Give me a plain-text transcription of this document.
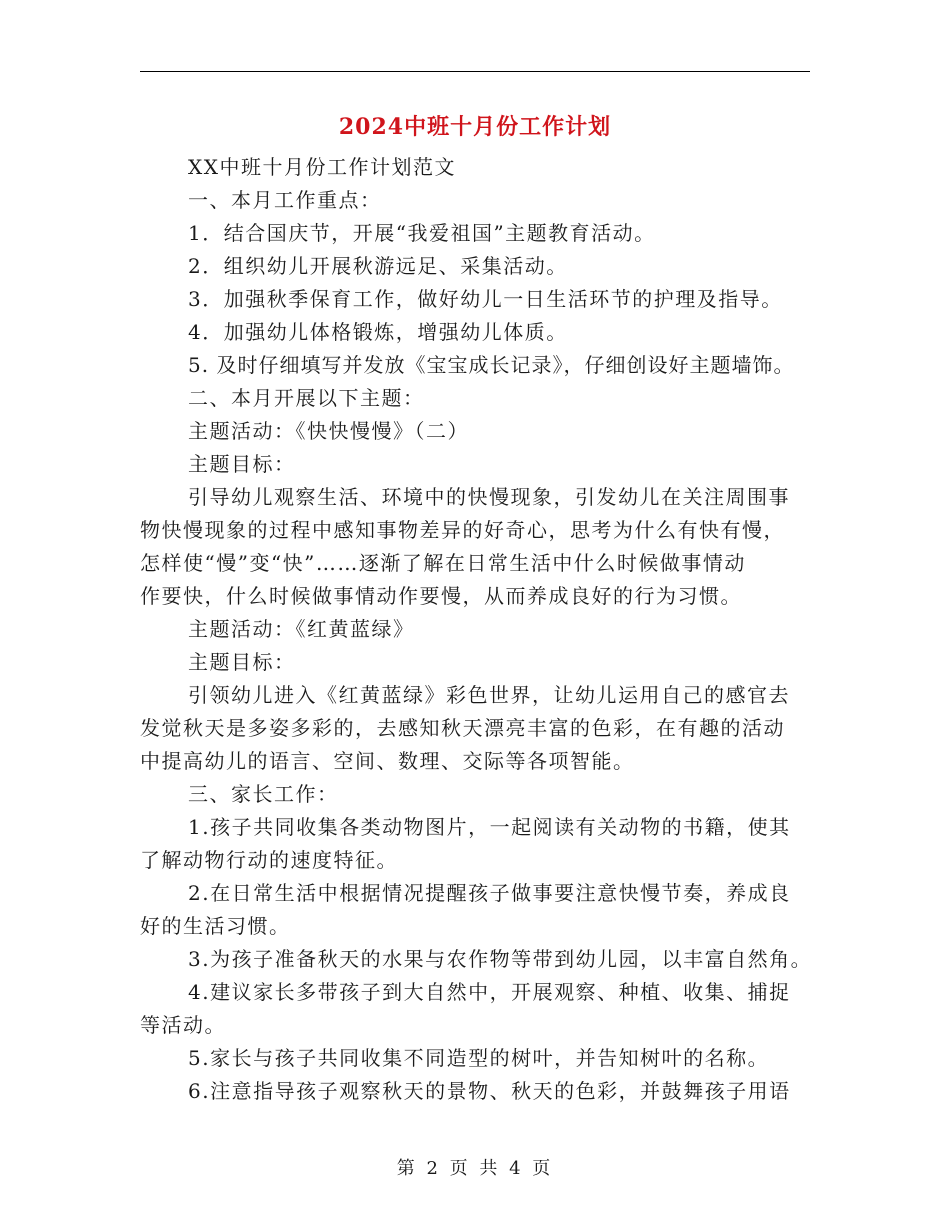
2024中班十月份工作计划
XX中班十月份工作计划范文
一、本月工作重点：
1．结合国庆节，开展“我爱祖国”主题教育活动。
2．组织幼儿开展秋游远足、采集活动。
3．加强秋季保育工作，做好幼儿一日生活环节的护理及指导。
4．加强幼儿体格锻炼，增强幼儿体质。
5. 及时仔细填写并发放《宝宝成长记录》，仔细创设好主题墙饰。
二、本月开展以下主题：
主题活动：《快快慢慢》（二）
主题目标：
引导幼儿观察生活、环境中的快慢现象，引发幼儿在关注周围事
物快慢现象的过程中感知事物差异的好奇心，思考为什么有快有慢，
怎样使“慢”变“快”……逐渐了解在日常生活中什么时候做事情动
作要快，什么时候做事情动作要慢，从而养成良好的行为习惯。
主题活动：《红黄蓝绿》
主题目标：
引领幼儿进入《红黄蓝绿》彩色世界，让幼儿运用自己的感官去
发觉秋天是多姿多彩的，去感知秋天漂亮丰富的色彩，在有趣的活动
中提高幼儿的语言、空间、数理、交际等各项智能。
三、家长工作：
1.孩子共同收集各类动物图片，一起阅读有关动物的书籍，使其
了解动物行动的速度特征。
2.在日常生活中根据情况提醒孩子做事要注意快慢节奏，养成良
好的生活习惯。
3.为孩子准备秋天的水果与农作物等带到幼儿园，以丰富自然角。
4.建议家长多带孩子到大自然中，开展观察、种植、收集、捕捉
等活动。
5.家长与孩子共同收集不同造型的树叶，并告知树叶的名称。
6.注意指导孩子观察秋天的景物、秋天的色彩，并鼓舞孩子用语
第 2 页 共 4 页
